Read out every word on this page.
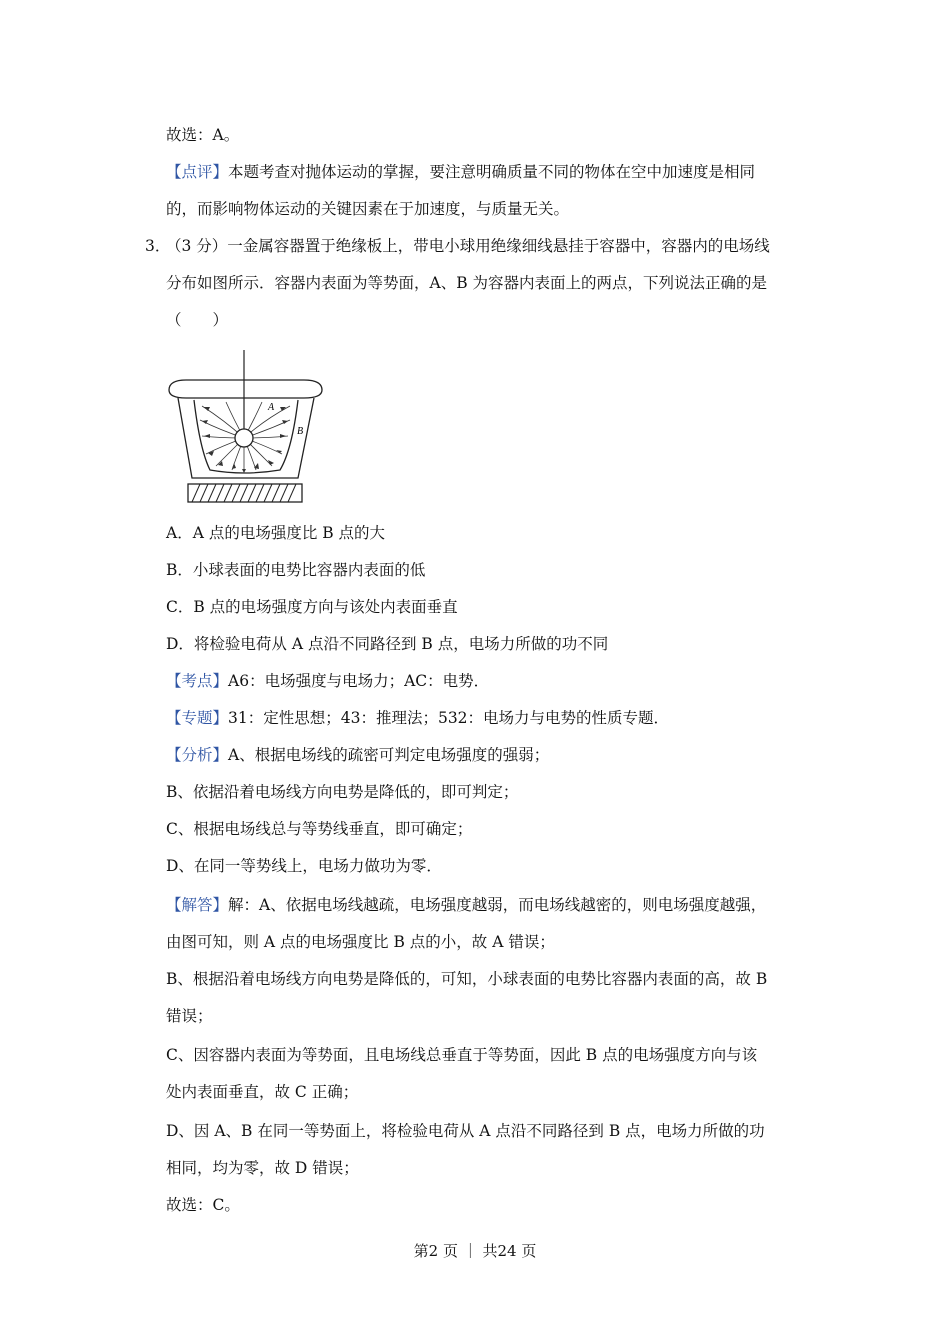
故选：A。
【点评】本题考查对抛体运动的掌握，要注意明确质量不同的物体在空中加速度是相同
的，而影响物体运动的关键因素在于加速度，与质量无关。
3．
（3 分）一金属容器置于绝缘板上，带电小球用绝缘细线悬挂于容器中，容器内的电场线
分布如图所示．容器内表面为等势面，A、B 为容器内表面上的两点，下列说法正确的是
（　　）
A
B
A．A 点的电场强度比 B 点的大
B．小球表面的电势比容器内表面的低
C．B 点的电场强度方向与该处内表面垂直
D．将检验电荷从 A 点沿不同路径到 B 点，电场力所做的功不同
【考点】A6：电场强度与电场力；AC：电势．
【专题】31：定性思想；43：推理法；532：电场力与电势的性质专题．
【分析】A、根据电场线的疏密可判定电场强度的强弱；
B、依据沿着电场线方向电势是降低的，即可判定；
C、根据电场线总与等势线垂直，即可确定；
D、在同一等势线上，电场力做功为零．
【解答】解：A、依据电场线越疏，电场强度越弱，而电场线越密的，则电场强度越强，
由图可知，则 A 点的电场强度比 B 点的小，故 A 错误；
B、根据沿着电场线方向电势是降低的，可知，小球表面的电势比容器内表面的高，故 B
错误；
C、因容器内表面为等势面，且电场线总垂直于等势面，因此 B 点的电场强度方向与该
处内表面垂直，故 C 正确；
D、因 A、B 在同一等势面上，将检验电荷从 A 点沿不同路径到 B 点，电场力所做的功
相同，均为零，故 D 错误；
故选：C。
第2 页 ｜ 共24 页
